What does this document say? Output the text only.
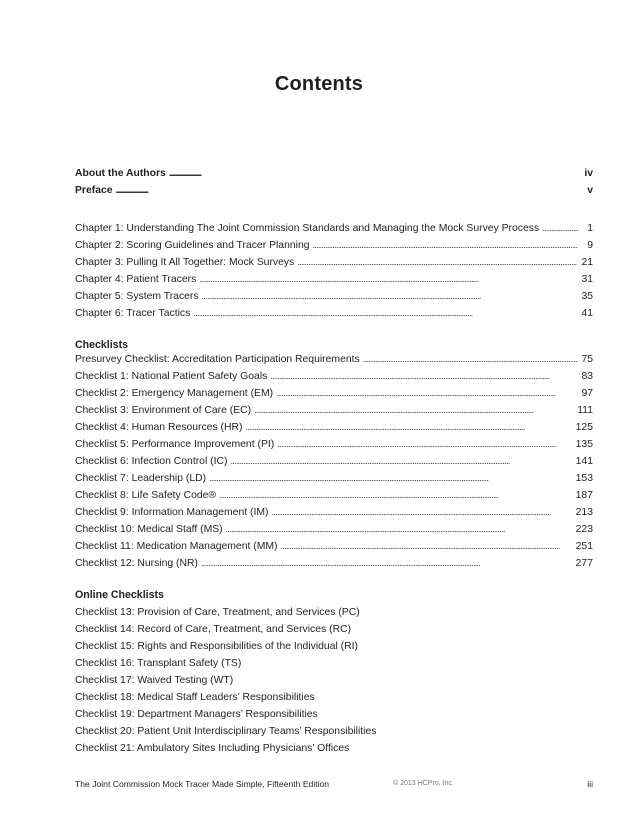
Contents
About the Authors . . .	iv
Preface . . .	v
Chapter 1: Understanding The Joint Commission Standards and Managing the Mock Survey Process . . .	1
Chapter 2: Scoring Guidelines and Tracer Planning . . .	9
Chapter 3: Pulling It All Together: Mock Surveys . . .	21
Chapter 4: Patient Tracers . . .	31
Chapter 5: System Tracers . . .	35
Chapter 6: Tracer Tactics . . .	41
Checklists
Presurvey Checklist: Accreditation Participation Requirements . . .	75
Checklist 1: National Patient Safety Goals . . .	83
Checklist 2: Emergency Management (EM) . . .	97
Checklist 3: Environment of Care (EC) . . .	111
Checklist 4: Human Resources (HR) . . .	125
Checklist 5: Performance Improvement (PI) . . .	135
Checklist 6: Infection Control (IC) . . .	141
Checklist 7: Leadership (LD) . . .	153
Checklist 8: Life Safety Code® . . .	187
Checklist 9: Information Management (IM) . . .	213
Checklist 10: Medical Staff (MS) . . .	223
Checklist 11: Medication Management (MM) . . .	251
Checklist 12: Nursing (NR) . . .	277
Online Checklists
Checklist 13: Provision of Care, Treatment, and Services (PC)
Checklist 14: Record of Care, Treatment, and Services (RC)
Checklist 15: Rights and Responsibilities of the Individual (RI)
Checklist 16: Transplant Safety (TS)
Checklist 17: Waived Testing (WT)
Checklist 18: Medical Staff Leaders’ Responsibilities
Checklist 19: Department Managers’ Responsibilities
Checklist 20: Patient Unit Interdisciplinary Teams’ Responsibilities
Checklist 21: Ambulatory Sites Including Physicians’ Offices
The Joint Commission Mock Tracer Made Simple, Fifteenth Edition	© 2013 HCPro, Inc.	iii
